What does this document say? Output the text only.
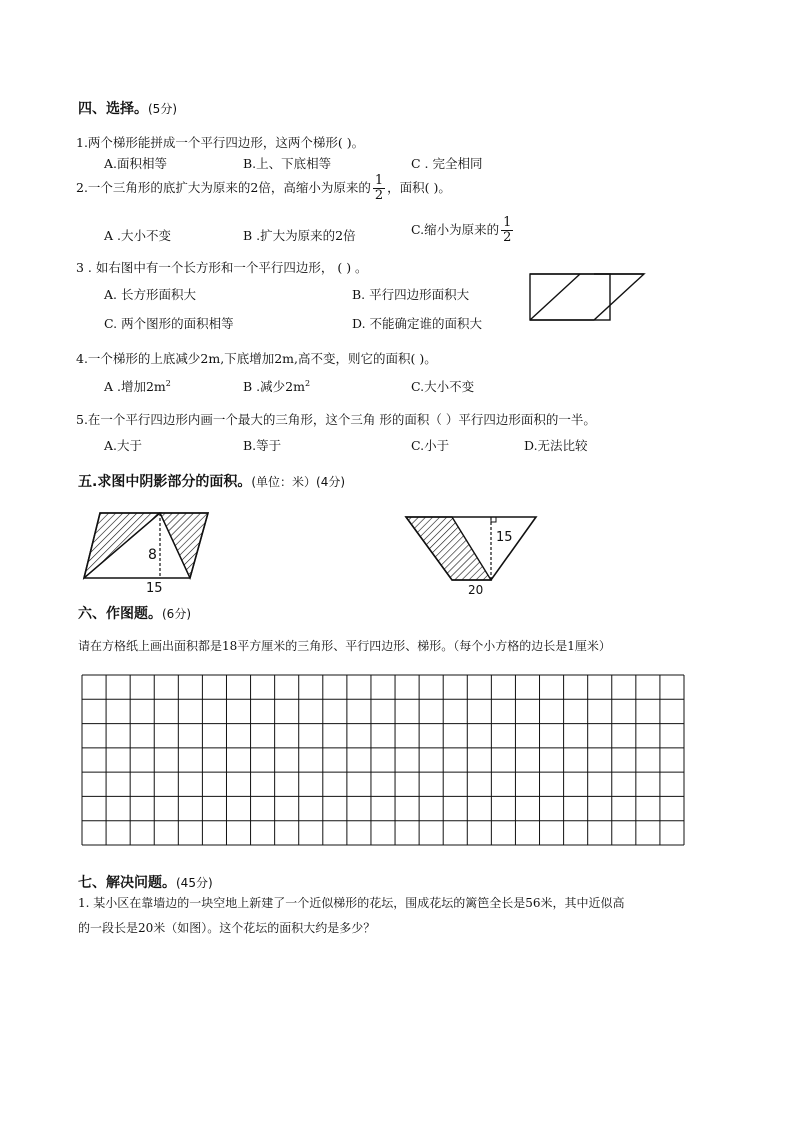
四、选择。(5分)
1.两个梯形能拼成一个平行四边形，这两个梯形( )。
A.面积相等	B.上、下底相等	C . 完全相同
2.一个三角形的底扩大为原来的2倍，高缩小为原来的 $\frac{1}{2}$ ，面积( )。
A .大小不变	B .扩大为原来的2倍	C.缩小为原来的 $\frac{1}{2}$
3 . 如右图中有一个长方形和一个平行四边形， ( ) 。
A. 长方形面积大	B. 平行四边形面积大
C. 两个图形的面积相等	D. 不能确定谁的面积大
4.一个梯形的上底减少2m,下底增加2m,高不变，则它的面积( )。
A .增加$2m^2$	B .减少$2m^2$	C.大小不变
5.在一个平行四边形内画一个最大的三角形，这个三角 形的面积（ ）平行四边形面积的一半。
A.大于	B.等于	C.小于	D.无法比较
五.求图中阴影部分的面积。(单位：米）(4分)
8
15
15
20
六、作图题。(6分)
请在方格纸上画出面积都是18平方厘米的三角形、平行四边形、梯形。（每个小方格的边长是1厘米）
七、解决问题。(45分)
1. 某小区在靠墙边的一块空地上新建了一个近似梯形的花坛，围成花坛的篱笆全长是56米，其中近似高
的一段长是20米（如图）。这个花坛的面积大约是多少？
